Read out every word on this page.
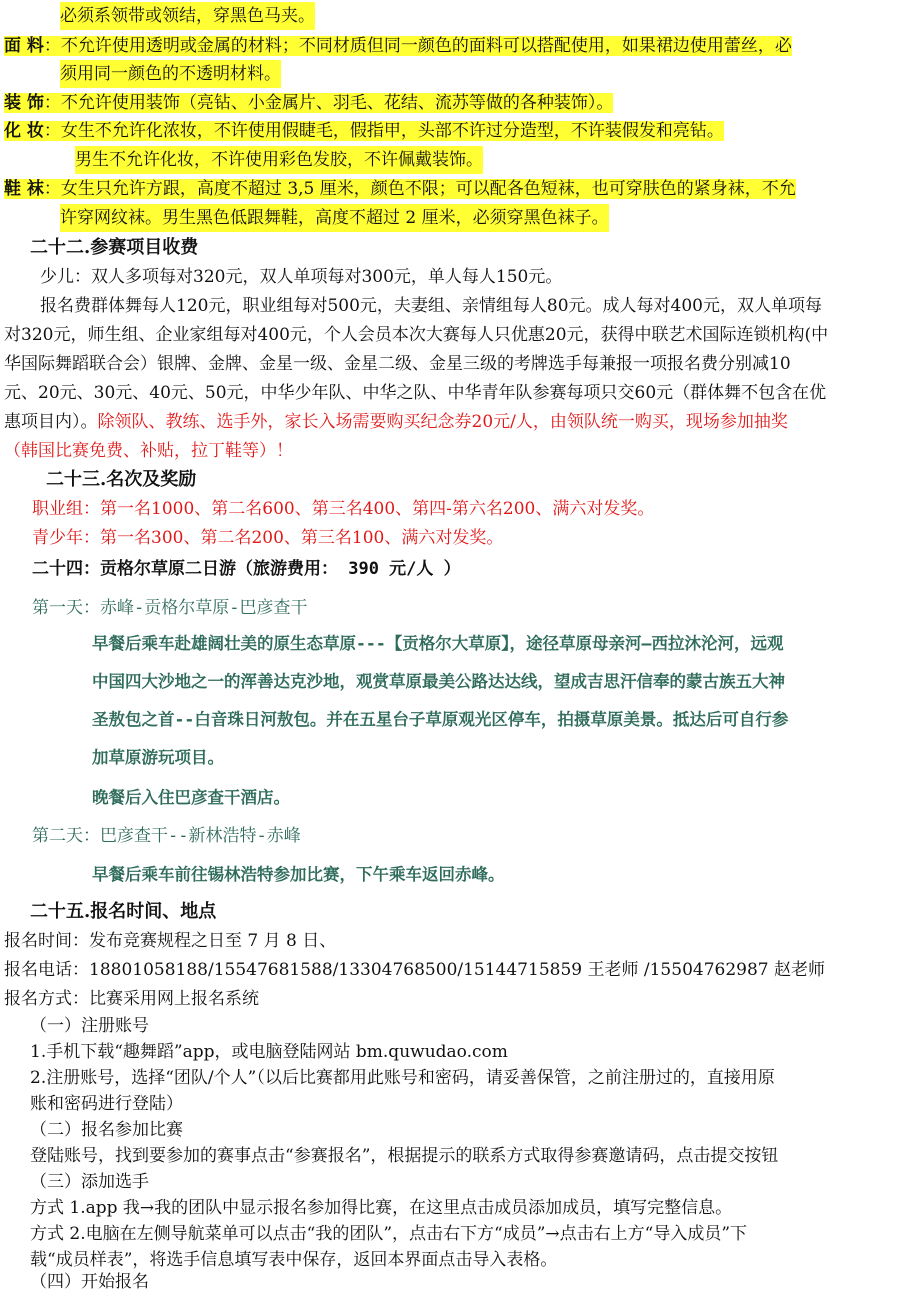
必须系领带或领结，穿黑色马夹。
面 料：不允许使用透明或金属的材料；不同材质但同一颜色的面料可以搭配使用，如果裙边使用蕾丝，必
须用同一颜色的不透明材料。
装 饰：不允许使用装饰（亮钻、小金属片、羽毛、花结、流苏等做的各种装饰）。
化 妆：女生不允许化浓妆，不许使用假睫毛，假指甲，头部不许过分造型，不许装假发和亮钻。
男生不允许化妆，不许使用彩色发胶，不许佩戴装饰。
鞋 袜：女生只允许方跟，高度不超过 3,5 厘米，颜色不限；可以配各色短袜，也可穿肤色的紧身袜，不允
许穿网纹袜。男生黑色低跟舞鞋，高度不超过 2 厘米，必须穿黑色袜子。
二十二.参赛项目收费
少儿：双人多项每对320元，双人单项每对300元，单人每人150元。
报名费群体舞每人120元，职业组每对500元，夫妻组、亲情组每人80元。成人每对400元，双人单项每
对320元，师生组、企业家组每对400元，个人会员本次大赛每人只优惠20元，获得中联艺术国际连锁机构(中
华国际舞蹈联合会）银牌、金牌、金星一级、金星二级、金星三级的考牌选手每兼报一项报名费分别减10
元、20元、30元、40元、50元，中华少年队、中华之队、中华青年队参赛每项只交60元（群体舞不包含在优
惠项目内）。除领队、教练、选手外，家长入场需要购买纪念券20元/人，由领队统一购买，现场参加抽奖
（韩国比赛免费、补贴，拉丁鞋等）！
二十三.名次及奖励
职业组：第一名1000、第二名600、第三名400、第四-第六名200、满六对发奖。
青少年：第一名300、第二名200、第三名100、满六对发奖。
二十四：贡格尔草原二日游（旅游费用： 390 元/人 ）
第一天：赤峰-贡格尔草原-巴彦查干
早餐后乘车赴雄阔壮美的原生态草原---【贡格尔大草原】，途径草原母亲河—西拉沐沦河，远观
中国四大沙地之一的浑善达克沙地，观赏草原最美公路达达线，望成吉思汗信奉的蒙古族五大神
圣敖包之首--白音珠日河敖包。并在五星台子草原观光区停车，拍摄草原美景。抵达后可自行参
加草原游玩项目。
晚餐后入住巴彦查干酒店。
第二天：巴彦查干--新林浩特-赤峰
早餐后乘车前往锡林浩特参加比赛，下午乘车返回赤峰。
二十五.报名时间、地点
报名时间：发布竞赛规程之日至 7 月 8 日、
报名电话：18801058188/15547681588/13304768500/15144715859 王老师 /15504762987 赵老师
报名方式：比赛采用网上报名系统
（一）注册账号
1.手机下载“趣舞蹈”app，或电脑登陆网站 bm.quwudao.com
2.注册账号，选择“团队/个人”（以后比赛都用此账号和密码，请妥善保管，之前注册过的，直接用原
账和密码进行登陆）
（二）报名参加比赛
登陆账号，找到要参加的赛事点击“参赛报名”，根据提示的联系方式取得参赛邀请码，点击提交按钮
（三）添加选手
方式 1.app 我→我的团队中显示报名参加得比赛，在这里点击成员添加成员，填写完整信息。
方式 2.电脑在左侧导航菜单可以点击“我的团队”，点击右下方“成员”→点击右上方“导入成员”下
载“成员样表”，将选手信息填写表中保存，返回本界面点击导入表格。
（四）开始报名
